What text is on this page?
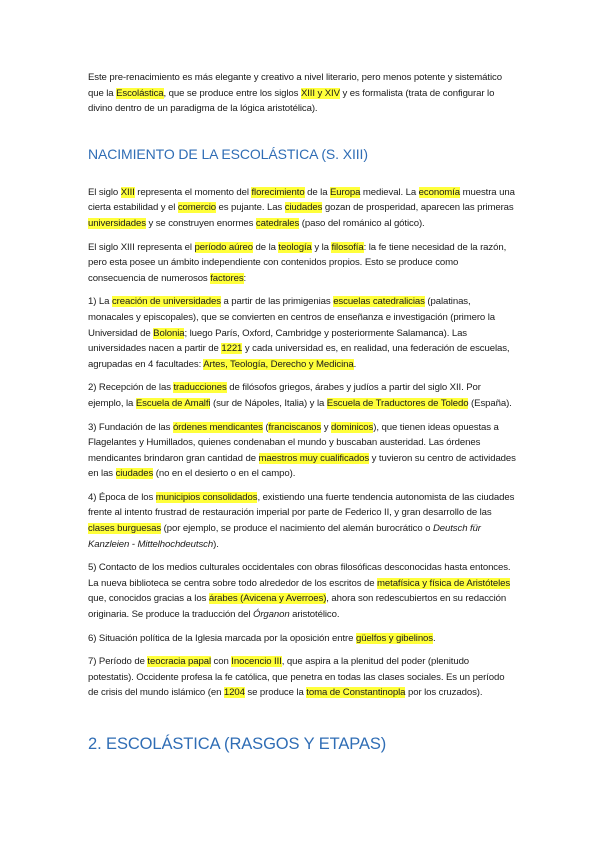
Este pre-renacimiento es más elegante y creativo a nivel literario, pero menos potente y sistemático que la Escolástica, que se produce entre los siglos XIII y XIV y es formalista (trata de configurar lo divino dentro de un paradigma de la lógica aristotélica).

NACIMIENTO DE LA ESCOLÁSTICA (S. XIII)

El siglo XIII representa el momento del florecimiento de la Europa medieval. La economía muestra una cierta estabilidad y el comercio es pujante. Las ciudades gozan de prosperidad, aparecen las primeras universidades y se construyen enormes catedrales (paso del románico al gótico).

El siglo XIII representa el período aúreo de la teología y la filosofía: la fe tiene necesidad de la razón, pero esta posee un ámbito independiente con contenidos propios. Esto se produce como consecuencia de numerosos factores:

1) La creación de universidades a partir de las primigenias escuelas catedralicias (palatinas, monacales y episcopales), que se convierten en centros de enseñanza e investigación (primero la Universidad de Bolonia; luego París, Oxford, Cambridge y posteriormente Salamanca). Las universidades nacen a partir de 1221 y cada universidad es, en realidad, una federación de escuelas, agrupadas en 4 facultades: Artes, Teología, Derecho y Medicina.

2) Recepción de las traducciones de filósofos griegos, árabes y judíos a partir del siglo XII. Por ejemplo, la Escuela de Amalfi (sur de Nápoles, Italia) y la Escuela de Traductores de Toledo (España).

3) Fundación de las órdenes mendicantes (franciscanos y dominicos), que tienen ideas opuestas a Flagelantes y Humillados, quienes condenaban el mundo y buscaban austeridad. Las órdenes mendicantes brindaron gran cantidad de maestros muy cualificados y tuvieron su centro de actividades en las ciudades (no en el desierto o en el campo).

4) Época de los municipios consolidados, existiendo una fuerte tendencia autonomista de las ciudades frente al intento frustrad de restauración imperial por parte de Federico II, y gran desarrollo de las clases burguesas (por ejemplo, se produce el nacimiento del alemán burocrático o Deutsch für Kanzleien - Mittelhochdeutsch).

5) Contacto de los medios culturales occidentales con obras filosóficas desconocidas hasta entonces. La nueva biblioteca se centra sobre todo alrededor de los escritos de metafísica y física de Aristóteles que, conocidos gracias a los árabes (Avicena y Averroes), ahora son redescubiertos en su redacción originaria. Se produce la traducción del Órganon aristotélico.

6) Situación política de la Iglesia marcada por la oposición entre güelfos y gibelinos.

7) Período de teocracia papal con Inocencio III, que aspira a la plenitud del poder (plenitudo potestatis). Occidente profesa la fe católica, que penetra en todas las clases sociales. Es un período de crisis del mundo islámico (en 1204 se produce la toma de Constantinopla por los cruzados).

2. ESCOLÁSTICA (RASGOS Y ETAPAS)
